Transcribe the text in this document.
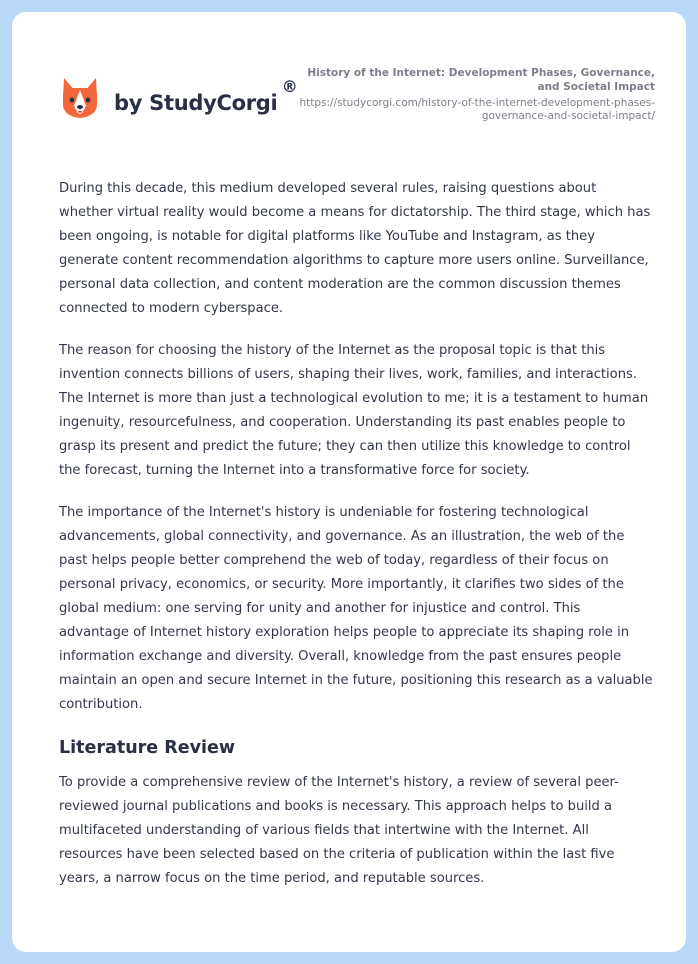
by StudyCorgi
®
History of the Internet: Development Phases, Governance, and Societal Impact
https://studycorgi.com/history-of-the-internet-development-phases-governance-and-societal-impact/

During this decade, this medium developed several rules, raising questions about whether virtual reality would become a means for dictatorship. The third stage, which has been ongoing, is notable for digital platforms like YouTube and Instagram, as they generate content recommendation algorithms to capture more users online. Surveillance, personal data collection, and content moderation are the common discussion themes connected to modern cyberspace.

The reason for choosing the history of the Internet as the proposal topic is that this invention connects billions of users, shaping their lives, work, families, and interactions. The Internet is more than just a technological evolution to me; it is a testament to human ingenuity, resourcefulness, and cooperation. Understanding its past enables people to grasp its present and predict the future; they can then utilize this knowledge to control the forecast, turning the Internet into a transformative force for society.

The importance of the Internet's history is undeniable for fostering technological advancements, global connectivity, and governance. As an illustration, the web of the past helps people better comprehend the web of today, regardless of their focus on personal privacy, economics, or security. More importantly, it clarifies two sides of the global medium: one serving for unity and another for injustice and control. This advantage of Internet history exploration helps people to appreciate its shaping role in information exchange and diversity. Overall, knowledge from the past ensures people maintain an open and secure Internet in the future, positioning this research as a valuable contribution.

Literature Review

To provide a comprehensive review of the Internet's history, a review of several peer-reviewed journal publications and books is necessary. This approach helps to build a multifaceted understanding of various fields that intertwine with the Internet. All resources have been selected based on the criteria of publication within the last five years, a narrow focus on the time period, and reputable sources.
